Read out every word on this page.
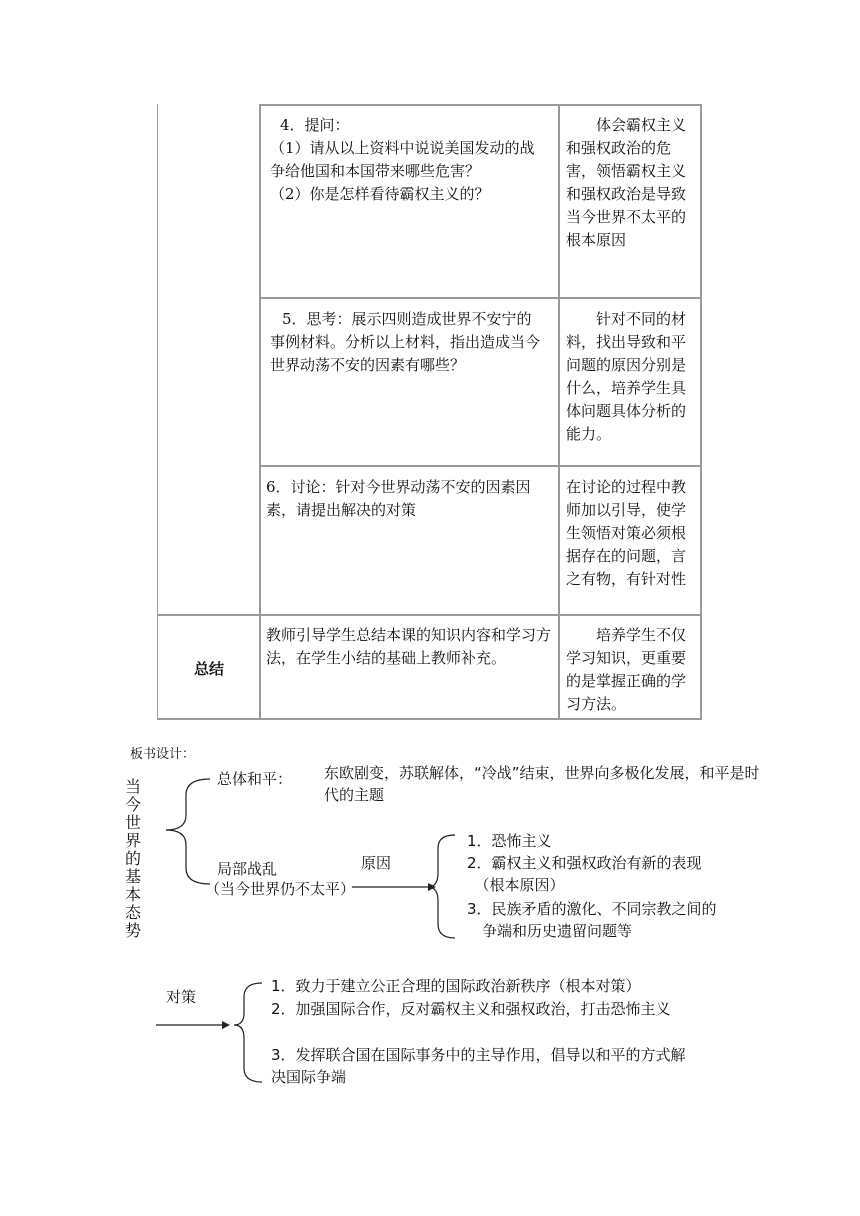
4．提问：
（1）请从以上资料中说说美国发动的战争给他国和本国带来哪些危害？
（2）你是怎样看待霸权主义的？
　　体会霸权主义和强权政治的危害，领悟霸权主义和强权政治是导致当今世界不太平的根本原因
5．思考：展示四则造成世界不安宁的事例材料。分析以上材料，指出造成当今世界动荡不安的因素有哪些？
　　针对不同的材料，找出导致和平问题的原因分别是什么，培养学生具体问题具体分析的能力。
6．讨论：针对今世界动荡不安的因素因素，请提出解决的对策
在讨论的过程中教师加以引导，使学生领悟对策必须根据存在的问题，言之有物，有针对性
总结
教师引导学生总结本课的知识内容和学习方法，在学生小结的基础上教师补充。
　　培养学生不仅学习知识，更重要的是掌握正确的学习方法。
板书设计：
当今世界的基本态势
总体和平： 东欧剧变，苏联解体，“冷战”结束，世界向多极化发展，和平是时代的主题
局部战乱
（当今世界仍不太平）
原因
1．恐怖主义
2．霸权主义和强权政治有新的表现
　（根本原因）
3．民族矛盾的激化、不同宗教之间的
　争端和历史遗留问题等
对策
1．致力于建立公正合理的国际政治新秩序（根本对策）
2．加强国际合作，反对霸权主义和强权政治，打击恐怖主义
3．发挥联合国在国际事务中的主导作用，倡导以和平的方式解决国际争端
